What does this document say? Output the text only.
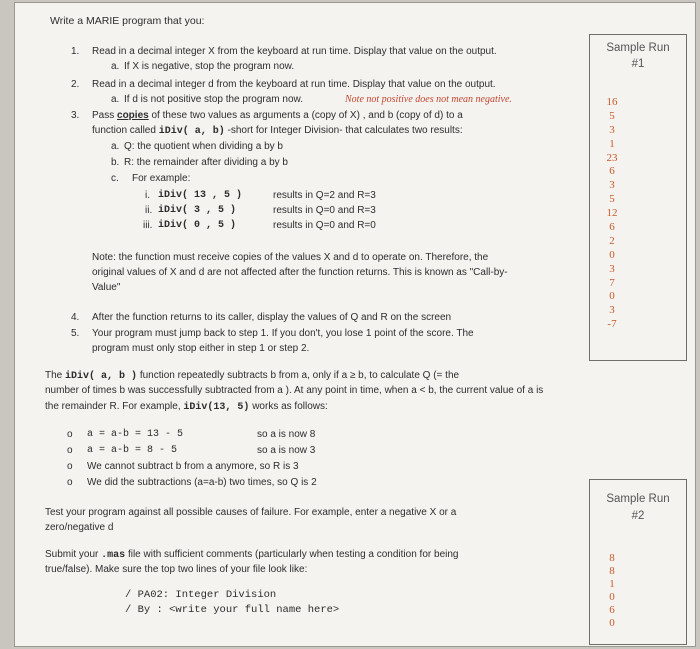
Write a MARIE program that you:
1. Read in a decimal integer X from the keyboard at run time. Display that value on the output.
a. If X is negative, stop the program now.
2. Read in a decimal integer d from the keyboard at run time. Display that value on the output.
a. If d is not positive stop the program now.	Note not positive does not mean negative.
3. Pass copies of these two values as arguments a (copy of X) , and b (copy of d) to a
function called iDiv( a, b) -short for Integer Division- that calculates two results:
a. Q: the quotient when dividing a by b
b. R: the remainder after dividing a by b
c. For example:
i. iDiv( 13 , 5 )	results in Q=2 and R=3
ii. iDiv( 3 , 5 )	results in Q=0 and R=3
iii. iDiv( 0 , 5 )	results in Q=0 and R=0
Note: the function must receive copies of the values X and d to operate on. Therefore, the
original values of X and d are not affected after the function returns. This is known as "Call-by-
Value"
4. After the function returns to its caller, display the values of Q and R on the screen
5. Your program must jump back to step 1. If you don't, you lose 1 point of the score. The
program must only stop either in step 1 or step 2.
The iDiv( a, b ) function repeatedly subtracts b from a, only if a ≥ b, to calculate Q (= the
number of times b was successfully subtracted from a ). At any point in time, when a < b, the current value of a is
the remainder R. For example, iDiv(13, 5) works as follows:
o a = a-b = 13 - 5	so a is now 8
o a = a-b = 8 - 5	so a is now 3
o We cannot subtract b from a anymore, so R is 3
o We did the subtractions (a=a-b) two times, so Q is 2
Test your program against all possible causes of failure. For example, enter a negative X or a
zero/negative d
Submit your .mas file with sufficient comments (particularly when testing a condition for being
true/false). Make sure the top two lines of your file look like:
/ PA02: Integer Division
/ By : <write your full name here>
Sample Run
#1
16
5
3
1
23
6
3
5
12
6
2
0
3
7
0
3
-7
Sample Run
#2
8
8
1
0
6
0
